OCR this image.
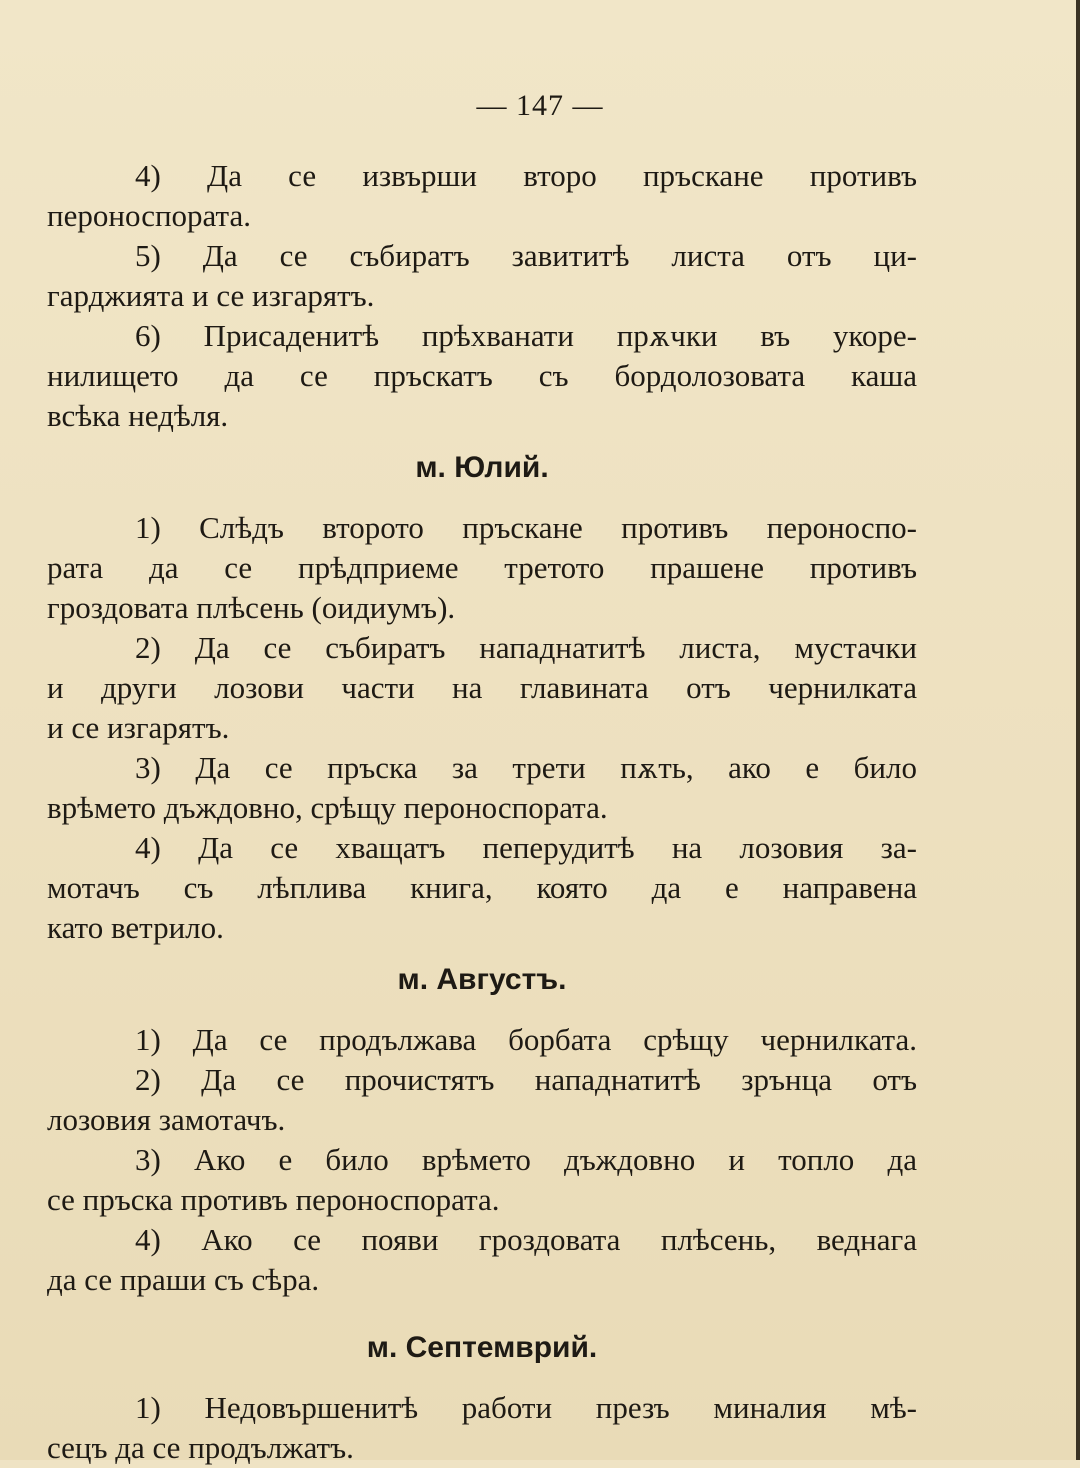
— 147 —
4) Да се извърши второ пръскане противъ
пероноспората.
5) Да се събиратъ завититѣ листа отъ ци-
гарджията и се изгарятъ.
6) Присаденитѣ прѣхванати прѫчки въ укоре-
нилището да се пръскатъ съ бордолозовата каша
всѣка недѣля.
м. Юлий.
1) Слѣдъ второто пръскане противъ пероноспо-
рата да се прѣдприеме третото прашене противъ
гроздовата плѣсень (оидиумъ).
2) Да се събиратъ нападнатитѣ листа, мустачки
и други лозови части на главината отъ чернилката
и се изгарятъ.
3) Да се пръска за трети пѫть, ако е било
врѣмето дъждовно, срѣщу пероноспората.
4) Да се хващатъ пеперудитѣ на лозовия за-
мотачъ съ лѣплива книга, която да е направена
като ветрило.
м. Августъ.
1) Да се продължава борбата срѣщу чернилката.
2) Да се прочистятъ нападнатитѣ зрънца отъ
лозовия замотачъ.
3) Ако е било врѣмето дъждовно и топло да
се пръска противъ пероноспората.
4) Ако се появи гроздовата плѣсень, веднага
да се праши съ сѣра.
м. Септемврий.
1) Недовършенитѣ работи презъ миналия мѣ-
сецъ да се продължатъ.
